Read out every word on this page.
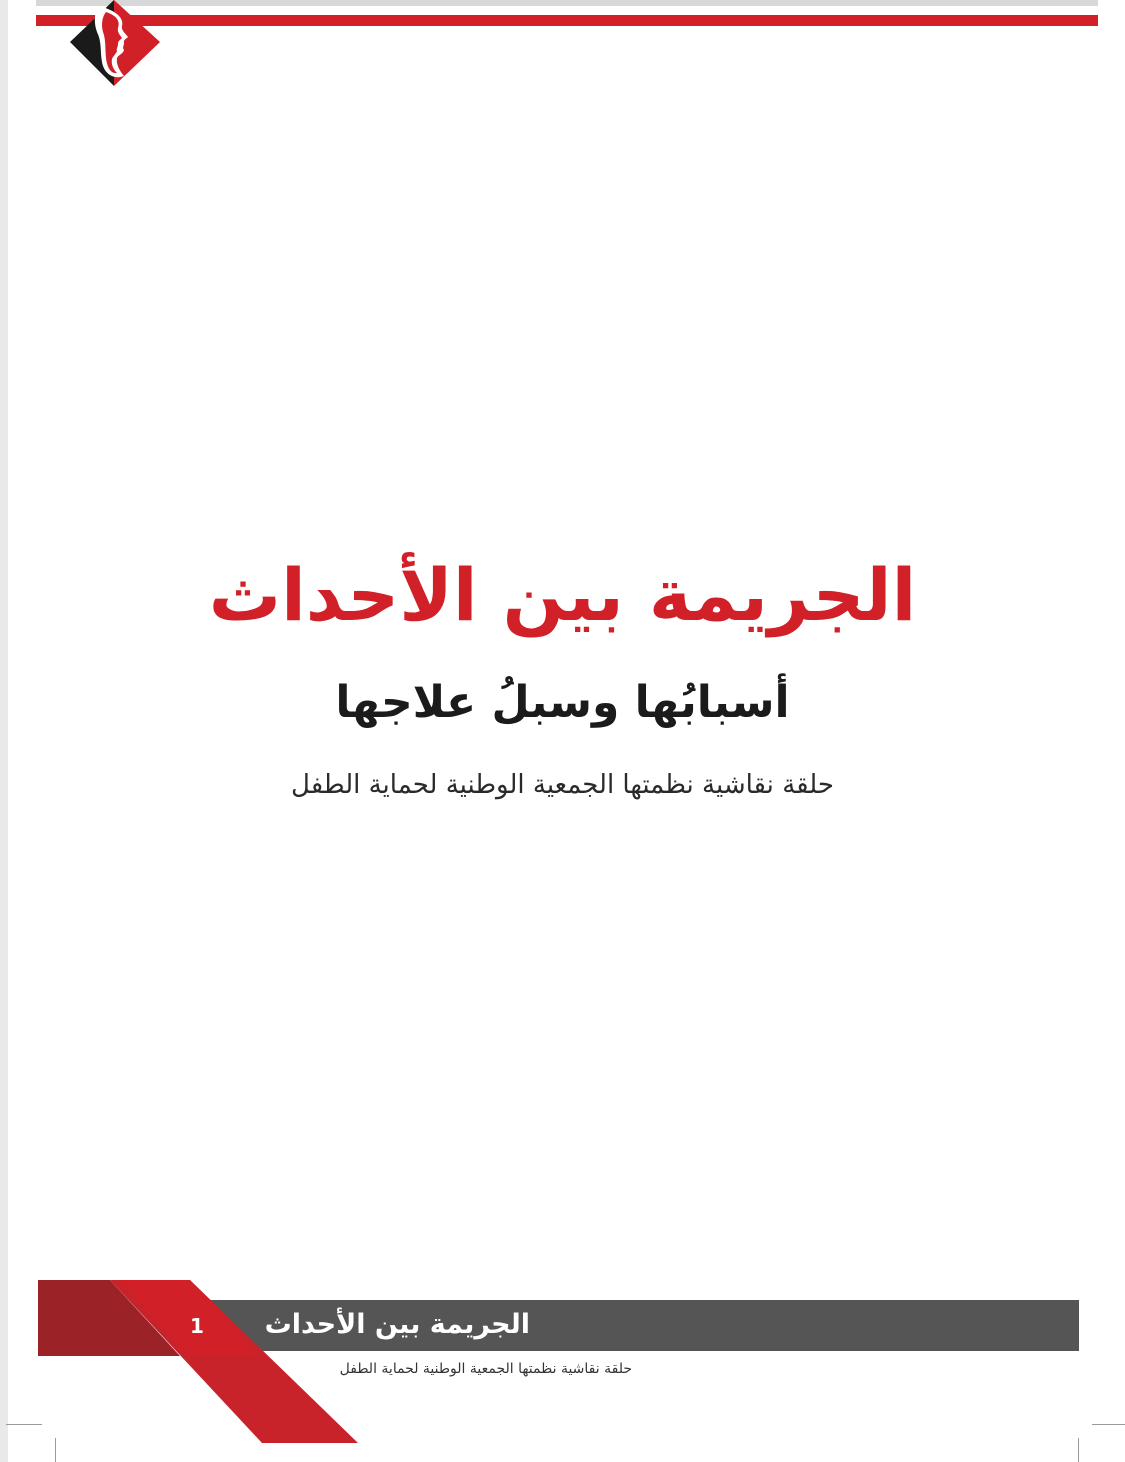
الجريمة بين الأحداث
أسبابُها وسبلُ علاجها

حلقة نقاشية نظمتها الجمعية الوطنية لحماية الطفل

1	الجريمة بين الأحداث
حلقة نقاشية نظمتها الجمعية الوطنية لحماية الطفل
